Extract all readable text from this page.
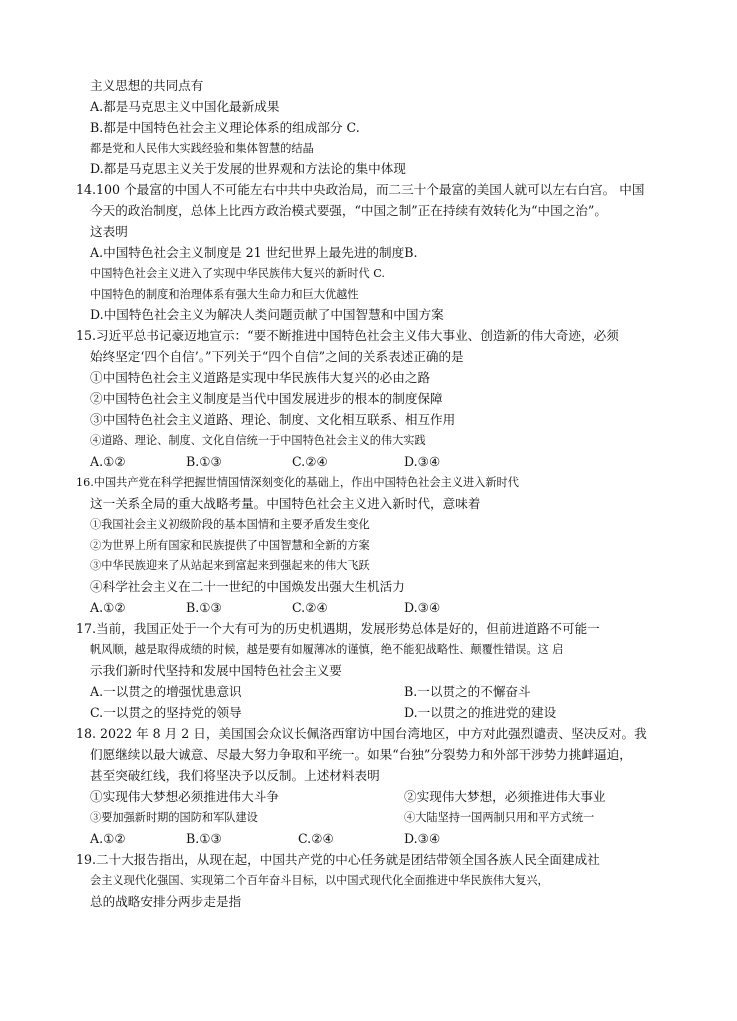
主义思想的共同点有
A.都是马克思主义中国化最新成果
B.都是中国特色社会主义理论体系的组成部分 C.
都是党和人民伟大实践经验和集体智慧的结晶
D.都是马克思主义关于发展的世界观和方法论的集中体现
14.100 个最富的中国人不可能左右中共中央政治局，而二三十个最富的美国人就可以左右白宫。 中国
今天的政治制度，总体上比西方政治模式要强，“中国之制”正在持续有效转化为“中国之治”。
这表明
A.中国特色社会主义制度是 21 世纪世界上最先进的制度B.
中国特色社会主义进入了实现中华民族伟大复兴的新时代 C.
中国特色的制度和治理体系有强大生命力和巨大优越性
D.中国特色社会主义为解决人类问题贡献了中国智慧和中国方案
15.习近平总书记豪迈地宣示：“要不断推进中国特色社会主义伟大事业、创造新的伟大奇迹，必须
始终坚定‘四个自信’。”下列关于“四个自信”之间的关系表述正确的是
①中国特色社会主义道路是实现中华民族伟大复兴的必由之路
②中国特色社会主义制度是当代中国发展进步的根本的制度保障
③中国特色社会主义道路、理论、制度、文化相互联系、相互作用
④道路、理论、制度、文化自信统一于中国特色社会主义的伟大实践
A.①②	B.①③	C.②④	D.③④
16.中国共产党在科学把握世情国情深刻变化的基础上，作出中国特色社会主义进入新时代
这一关系全局的重大战略考量。中国特色社会主义进入新时代，意味着
①我国社会主义初级阶段的基本国情和主要矛盾发生变化
②为世界上所有国家和民族提供了中国智慧和全新的方案
③中华民族迎来了从站起来到富起来到强起来的伟大飞跃
④科学社会主义在二十一世纪的中国焕发出强大生机活力
A.①②	B.①③	C.②④	D.③④
17.当前，我国正处于一个大有可为的历史机遇期，发展形势总体是好的，但前进道路不可能一
帆风顺，越是取得成绩的时候，越是要有如履薄冰的谨慎，绝不能犯战略性、颠覆性错误。这 启
示我们新时代坚持和发展中国特色社会主义要
A.一以贯之的增强忧患意识	B.一以贯之的不懈奋斗
C.一以贯之的坚持党的领导	D.一以贯之的推进党的建设
18. 2022 年 8 月 2 日，美国国会众议长佩洛西窜访中国台湾地区，中方对此强烈谴责、坚决反对。我
们愿继续以最大诚意、尽最大努力争取和平统一。如果“台独”分裂势力和外部干涉势力挑衅逼迫，
甚至突破红线，我们将坚决予以反制。上述材料表明
①实现伟大梦想必须推进伟大斗争	②实现伟大梦想，必须推进伟大事业
③要加强新时期的国防和军队建设	④大陆坚持一国两制只用和平方式统一
A.①②	B.①③	C.②④	D.③④
19.二十大报告指出，从现在起，中国共产党的中心任务就是团结带领全国各族人民全面建成社
会主义现代化强国、实现第二个百年奋斗目标，以中国式现代化全面推进中华民族伟大复兴，
总的战略安排分两步走是指
